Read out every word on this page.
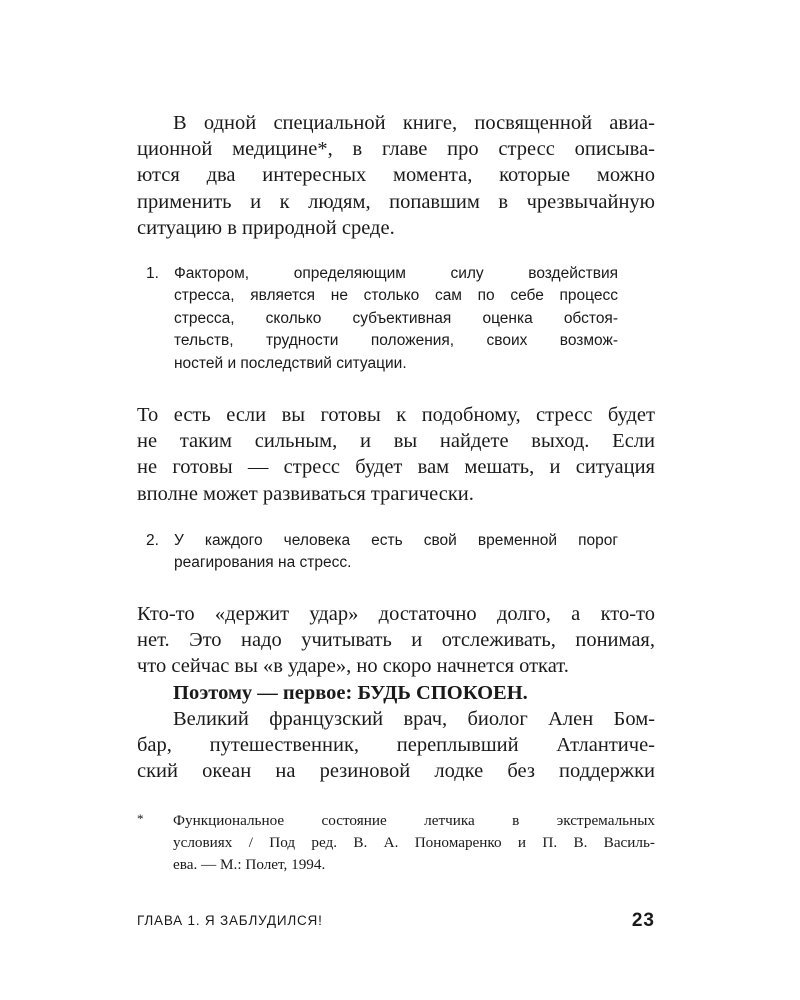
В одной специальной книге, посвященной авиа-
ционной медицине*, в главе про стресс описыва-
ются два интересных момента, которые можно
применить и к людям, попавшим в чрезвычайную
ситуацию в природной среде.
1. Фактором, определяющим силу воздействия
стресса, является не столько сам по себе процесс
стресса, сколько субъективная оценка обстоя-
тельств, трудности положения, своих возмож-
ностей и последствий ситуации.
То есть если вы готовы к подобному, стресс будет
не таким сильным, и вы найдете выход. Если
не готовы — стресс будет вам мешать, и ситуация
вполне может развиваться трагически.
2. У каждого человека есть свой временной порог
реагирования на стресс.
Кто-то «держит удар» достаточно долго, а кто-то
нет. Это надо учитывать и отслеживать, понимая,
что сейчас вы «в ударе», но скоро начнется откат.
Поэтому — первое: БУДЬ СПОКОЕН.
Великий французский врач, биолог Ален Бом-
бар, путешественник, переплывший Атлантиче-
ский океан на резиновой лодке без поддержки
* Функциональное состояние летчика в экстремальных
условиях / Под ред. В. А. Пономаренко и П. В. Василь-
ева. — М.: Полет, 1994.
ГЛАВА 1. Я ЗАБЛУДИЛСЯ!	23
